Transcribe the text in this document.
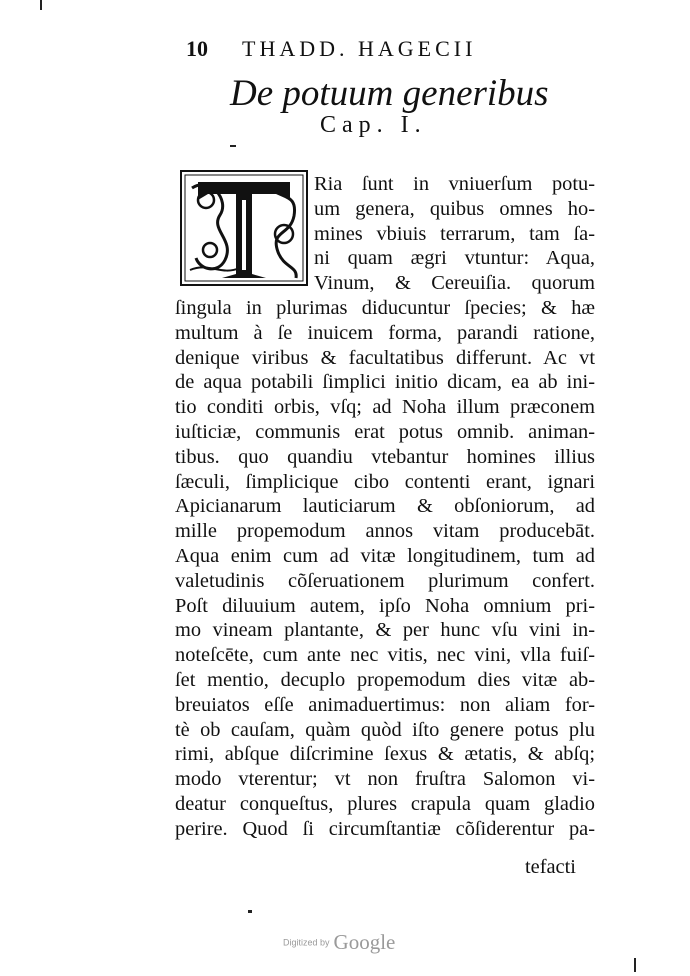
10 THADD. HAGECII
De potuum generibus
Cap. I.
Ria ſunt in vniuerſum potu-
um genera, quibus omnes ho-
mines vbiuis terrarum, tam ſa-
ni quam ægri vtuntur: Aqua,
Vinum, & Cereuiſia. quorum
ſingula in plurimas diducuntur ſpecies; & hæ
multum à ſe inuicem forma, parandi ratione,
denique viribus & facultatibus differunt. Ac vt
de aqua potabili ſimplici initio dicam, ea ab ini-
tio conditi orbis, vſq; ad Noha illum præconem
iuſticiæ, communis erat potus omnib. animan-
tibus. quo quandiu vtebantur homines illius
ſæculi, ſimplicique cibo contenti erant, ignari
Apicianarum lauticiarum & obſoniorum, ad
mille propemodum annos vitam producebāt.
Aqua enim cum ad vitæ longitudinem, tum ad
valetudinis cõſeruationem plurimum confert.
Poſt diluuium autem, ipſo Noha omnium pri-
mo vineam plantante, & per hunc vſu vini in-
noteſcēte, cum ante nec vitis, nec vini, vlla fuiſ-
ſet mentio, decuplo propemodum dies vitæ ab-
breuiatos eſſe animaduertimus: non aliam for-
tè ob cauſam, quàm quòd iſto genere potus plu
rimi, abſque diſcrimine ſexus & ætatis, & abſq;
modo vterentur; vt non fruſtra Salomon vi-
deatur conqueſtus, plures crapula quam gladio
perire. Quod ſi circumſtantiæ cõſiderentur pa-
tefacti
Digitized by Google
